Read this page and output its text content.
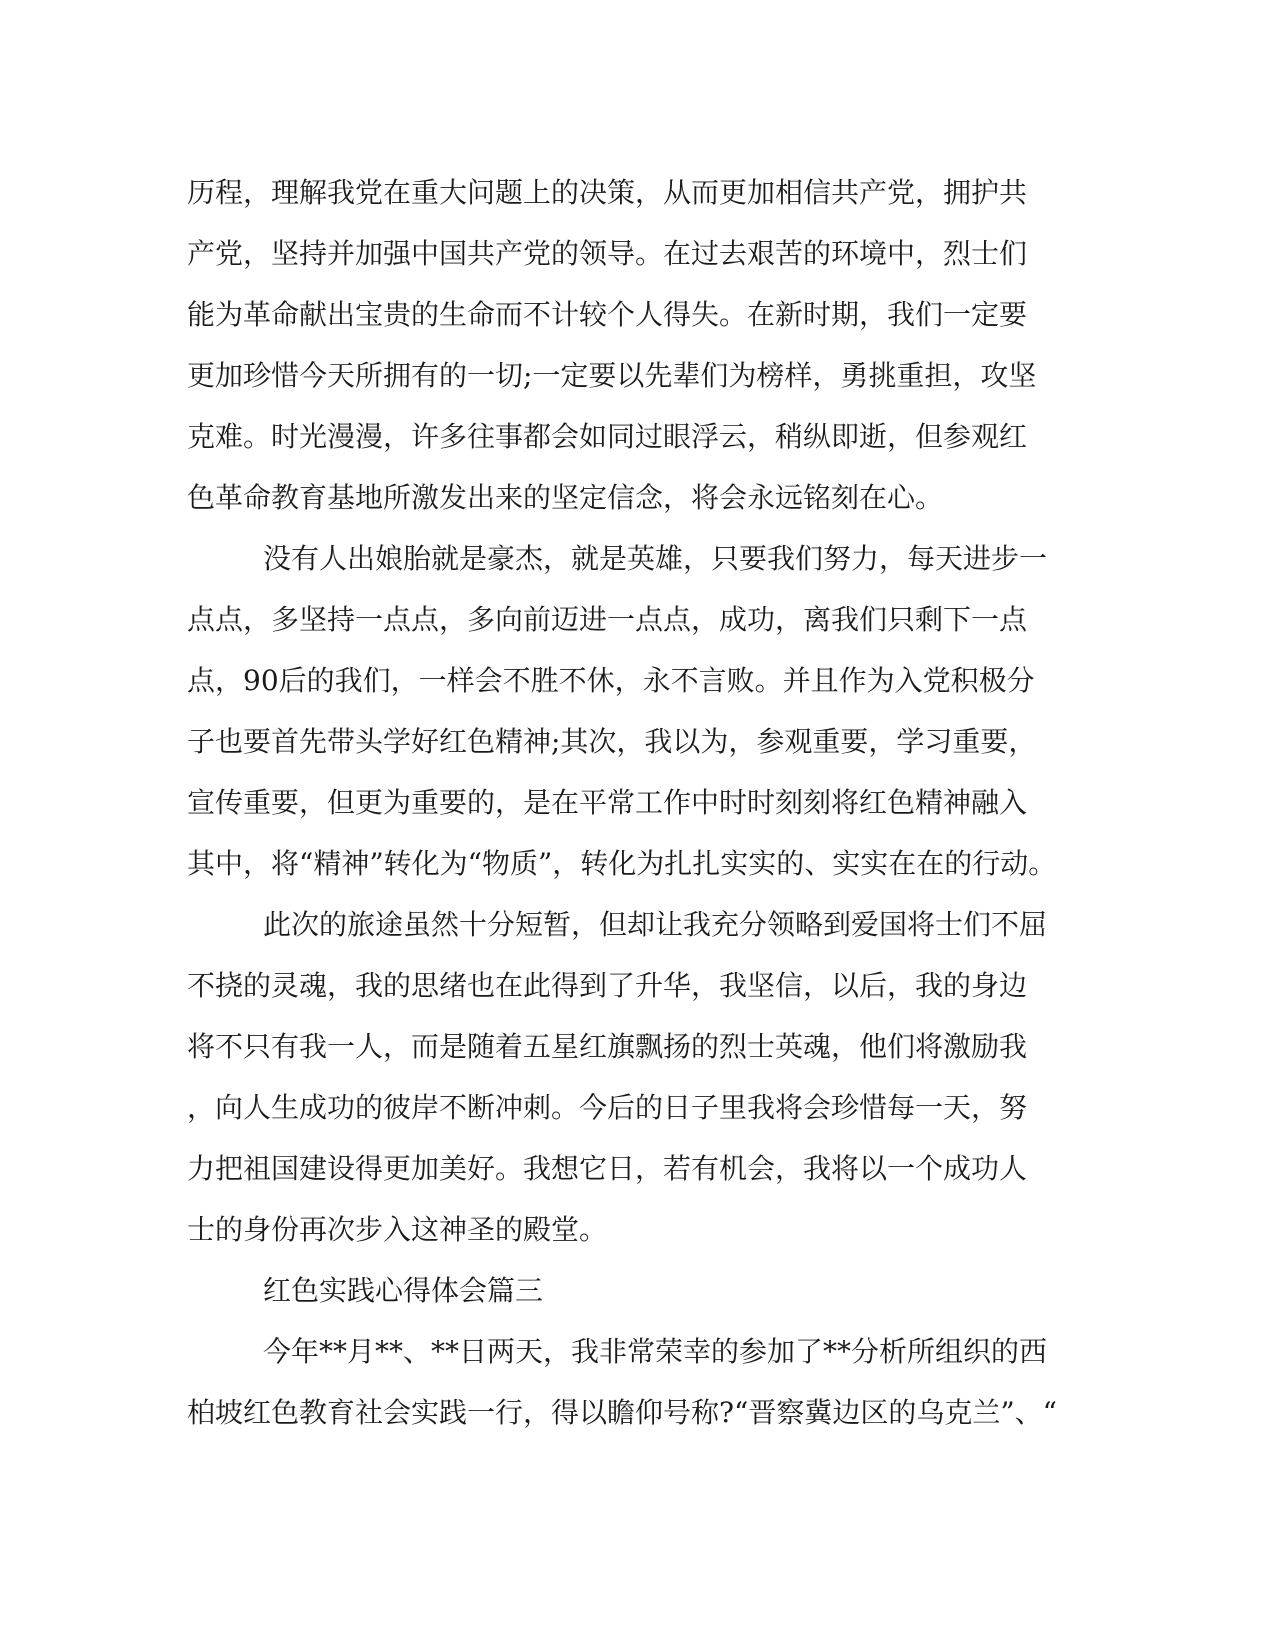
历程，理解我党在重大问题上的决策，从而更加相信共产党，拥护共
产党，坚持并加强中国共产党的领导。在过去艰苦的环境中，烈士们
能为革命献出宝贵的生命而不计较个人得失。在新时期，我们一定要
更加珍惜今天所拥有的一切;一定要以先辈们为榜样，勇挑重担，攻坚
克难。时光漫漫，许多往事都会如同过眼浮云，稍纵即逝，但参观红
色革命教育基地所激发出来的坚定信念，将会永远铭刻在心。
没有人出娘胎就是豪杰，就是英雄，只要我们努力，每天进步一
点点，多坚持一点点，多向前迈进一点点，成功，离我们只剩下一点
点，90后的我们，一样会不胜不休，永不言败。并且作为入党积极分
子也要首先带头学好红色精神;其次，我以为，参观重要，学习重要，
宣传重要，但更为重要的，是在平常工作中时时刻刻将红色精神融入
其中，将“精神”转化为“物质”，转化为扎扎实实的、实实在在的行动。
此次的旅途虽然十分短暂，但却让我充分领略到爱国将士们不屈
不挠的灵魂，我的思绪也在此得到了升华，我坚信，以后，我的身边
将不只有我一人，而是随着五星红旗飘扬的烈士英魂，他们将激励我
，向人生成功的彼岸不断冲刺。今后的日子里我将会珍惜每一天，努
力把祖国建设得更加美好。我想它日，若有机会，我将以一个成功人
士的身份再次步入这神圣的殿堂。
红色实践心得体会篇三
今年**月**、**日两天，我非常荣幸的参加了**分析所组织的西
柏坡红色教育社会实践一行，得以瞻仰号称?“晋察冀边区的乌克兰”、“
